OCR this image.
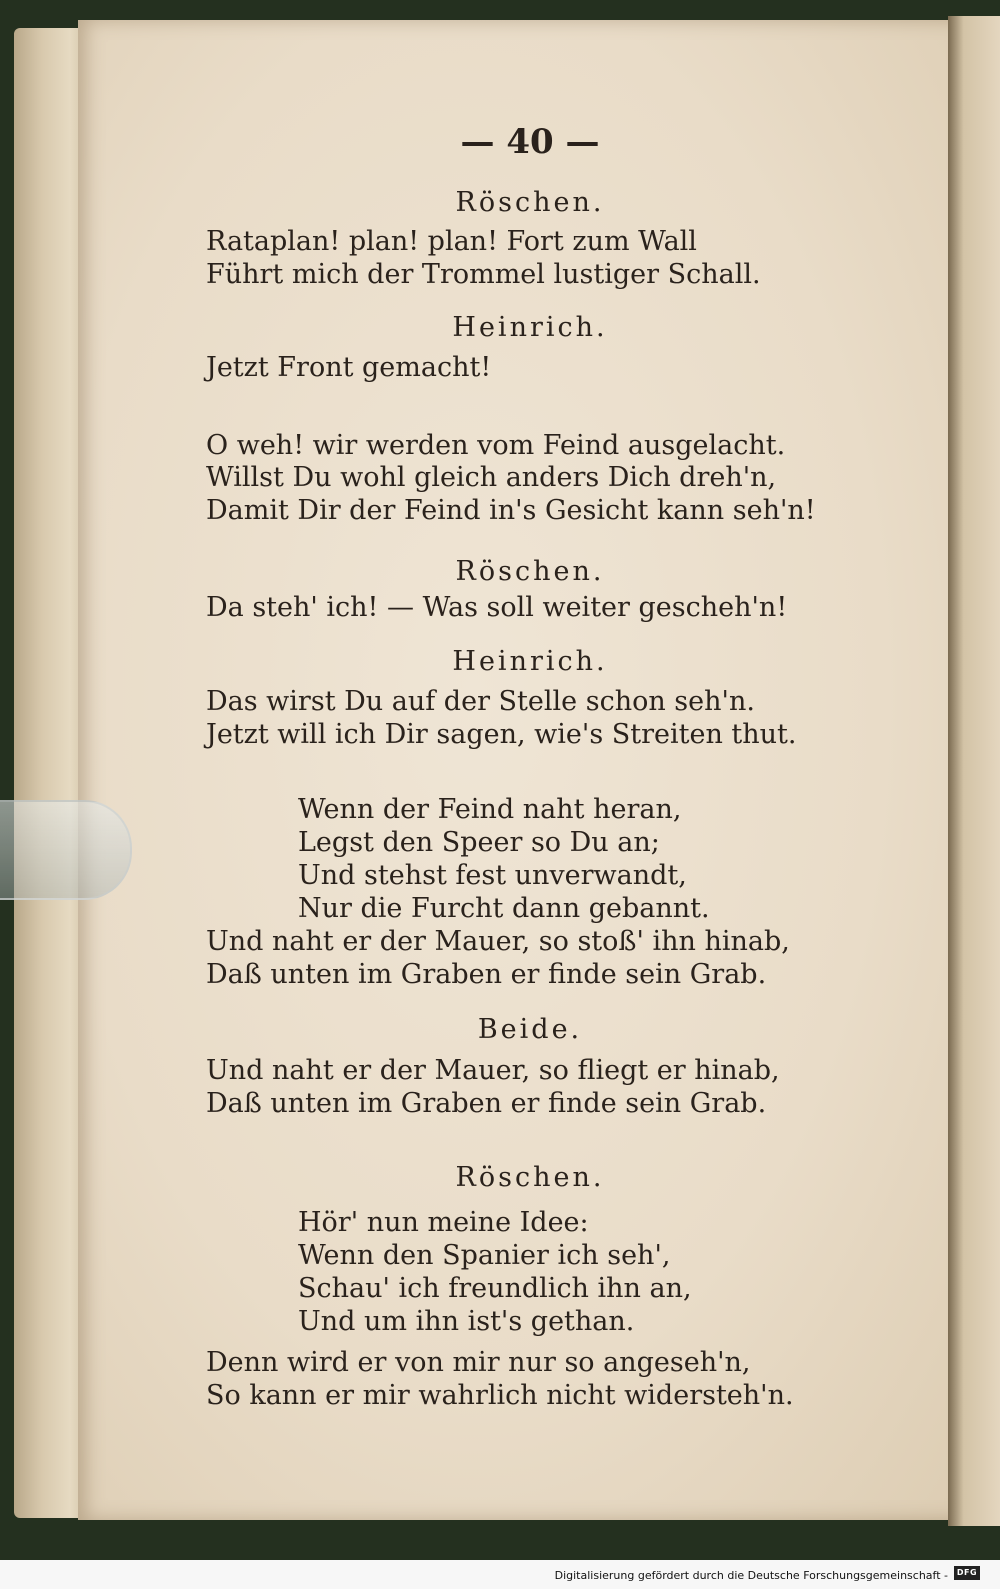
— 40 —
Röschen.
Rataplan! plan! plan! Fort zum Wall
Führt mich der Trommel lustiger Schall.
Heinrich.
Jetzt Front gemacht!
O weh! wir werden vom Feind ausgelacht.
Willst Du wohl gleich anders Dich dreh'n,
Damit Dir der Feind in's Gesicht kann seh'n!
Röschen.
Da steh' ich! — Was soll weiter gescheh'n!
Heinrich.
Das wirst Du auf der Stelle schon seh'n.
Jetzt will ich Dir sagen, wie's Streiten thut.
Wenn der Feind naht heran,
Legst den Speer so Du an;
Und stehst fest unverwandt,
Nur die Furcht dann gebannt.
Und naht er der Mauer, so stoß' ihn hinab,
Daß unten im Graben er finde sein Grab.
Beide.
Und naht er der Mauer, so fliegt er hinab,
Daß unten im Graben er finde sein Grab.
Röschen.
Hör' nun meine Idee:
Wenn den Spanier ich seh',
Schau' ich freundlich ihn an,
Und um ihn ist's gethan.
Denn wird er von mir nur so angeseh'n,
So kann er mir wahrlich nicht widersteh'n.
Digitalisierung gefördert durch die Deutsche Forschungsgemeinschaft -	DFG
